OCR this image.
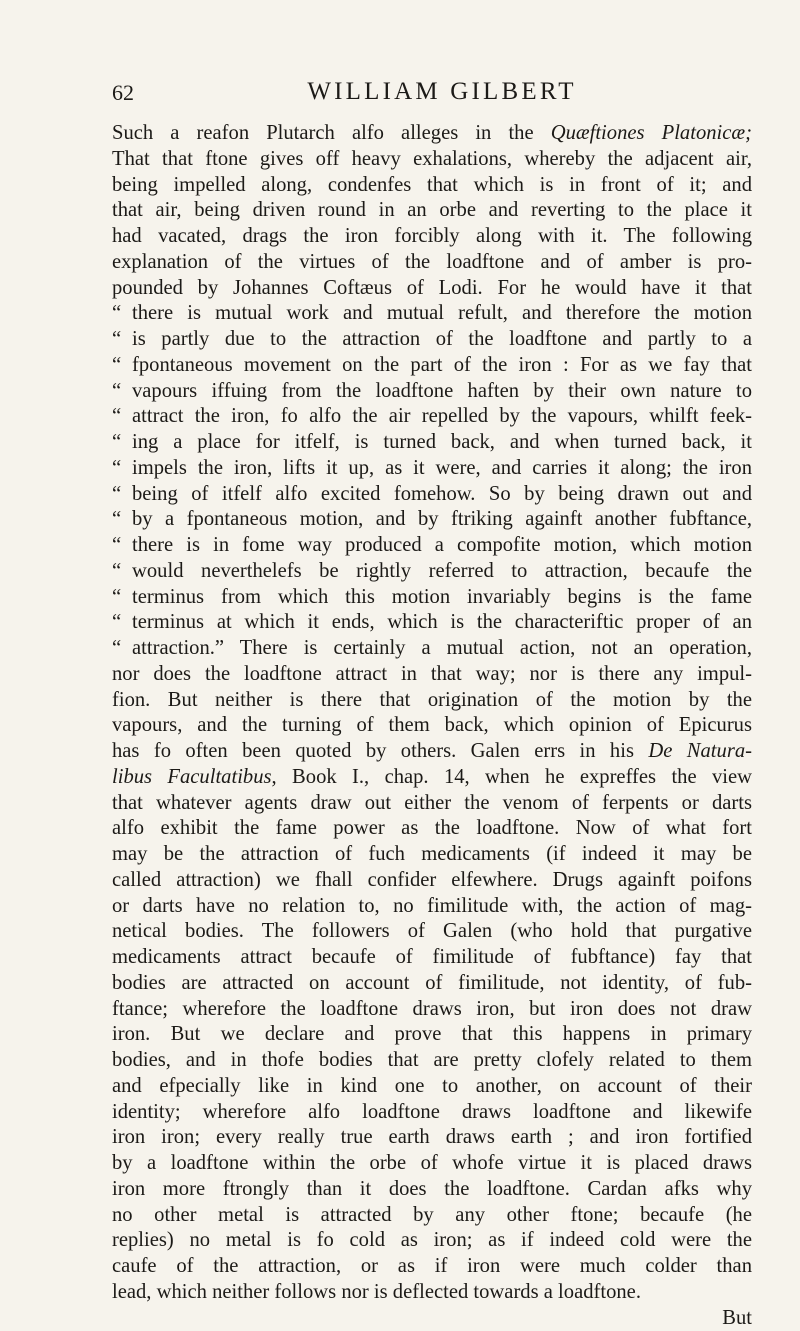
62	WILLIAM GILBERT
Such a reafon Plutarch alfo alleges in the Quæftiones Platonicæ;
That that ftone gives off heavy exhalations, whereby the adjacent air,
being impelled along, condenfes that which is in front of it; and
that air, being driven round in an orbe and reverting to the place it
had vacated, drags the iron forcibly along with it. The following
explanation of the virtues of the loadftone and of amber is pro-
pounded by Johannes Coftæus of Lodi. For he would have it that
“ there is mutual work and mutual refult, and therefore the motion
“ is partly due to the attraction of the loadftone and partly to a
“ fpontaneous movement on the part of the iron : For as we fay that
“ vapours iffuing from the loadftone haften by their own nature to
“ attract the iron, fo alfo the air repelled by the vapours, whilft feek-
“ ing a place for itfelf, is turned back, and when turned back, it
“ impels the iron, lifts it up, as it were, and carries it along; the iron
“ being of itfelf alfo excited fomehow. So by being drawn out and
“ by a fpontaneous motion, and by ftriking againft another fubftance,
“ there is in fome way produced a compofite motion, which motion
“ would neverthelefs be rightly referred to attraction, becaufe the
“ terminus from which this motion invariably begins is the fame
“ terminus at which it ends, which is the characteriftic proper of an
“ attraction.” There is certainly a mutual action, not an operation,
nor does the loadftone attract in that way; nor is there any impul-
fion. But neither is there that origination of the motion by the
vapours, and the turning of them back, which opinion of Epicurus
has fo often been quoted by others. Galen errs in his De Natura-
libus Facultatibus, Book I., chap. 14, when he expreffes the view
that whatever agents draw out either the venom of ferpents or darts
alfo exhibit the fame power as the loadftone. Now of what fort
may be the attraction of fuch medicaments (if indeed it may be
called attraction) we fhall confider elfewhere. Drugs againft poifons
or darts have no relation to, no fimilitude with, the action of mag-
netical bodies. The followers of Galen (who hold that purgative
medicaments attract becaufe of fimilitude of fubftance) fay that
bodies are attracted on account of fimilitude, not identity, of fub-
ftance; wherefore the loadftone draws iron, but iron does not draw
iron. But we declare and prove that this happens in primary
bodies, and in thofe bodies that are pretty clofely related to them
and efpecially like in kind one to another, on account of their
identity; wherefore alfo loadftone draws loadftone and likewife
iron iron; every really true earth draws earth ; and iron fortified
by a loadftone within the orbe of whofe virtue it is placed draws
iron more ftrongly than it does the loadftone. Cardan afks why
no other metal is attracted by any other ftone; becaufe (he
replies) no metal is fo cold as iron; as if indeed cold were the
caufe of the attraction, or as if iron were much colder than
lead, which neither follows nor is deflected towards a loadftone.
But
